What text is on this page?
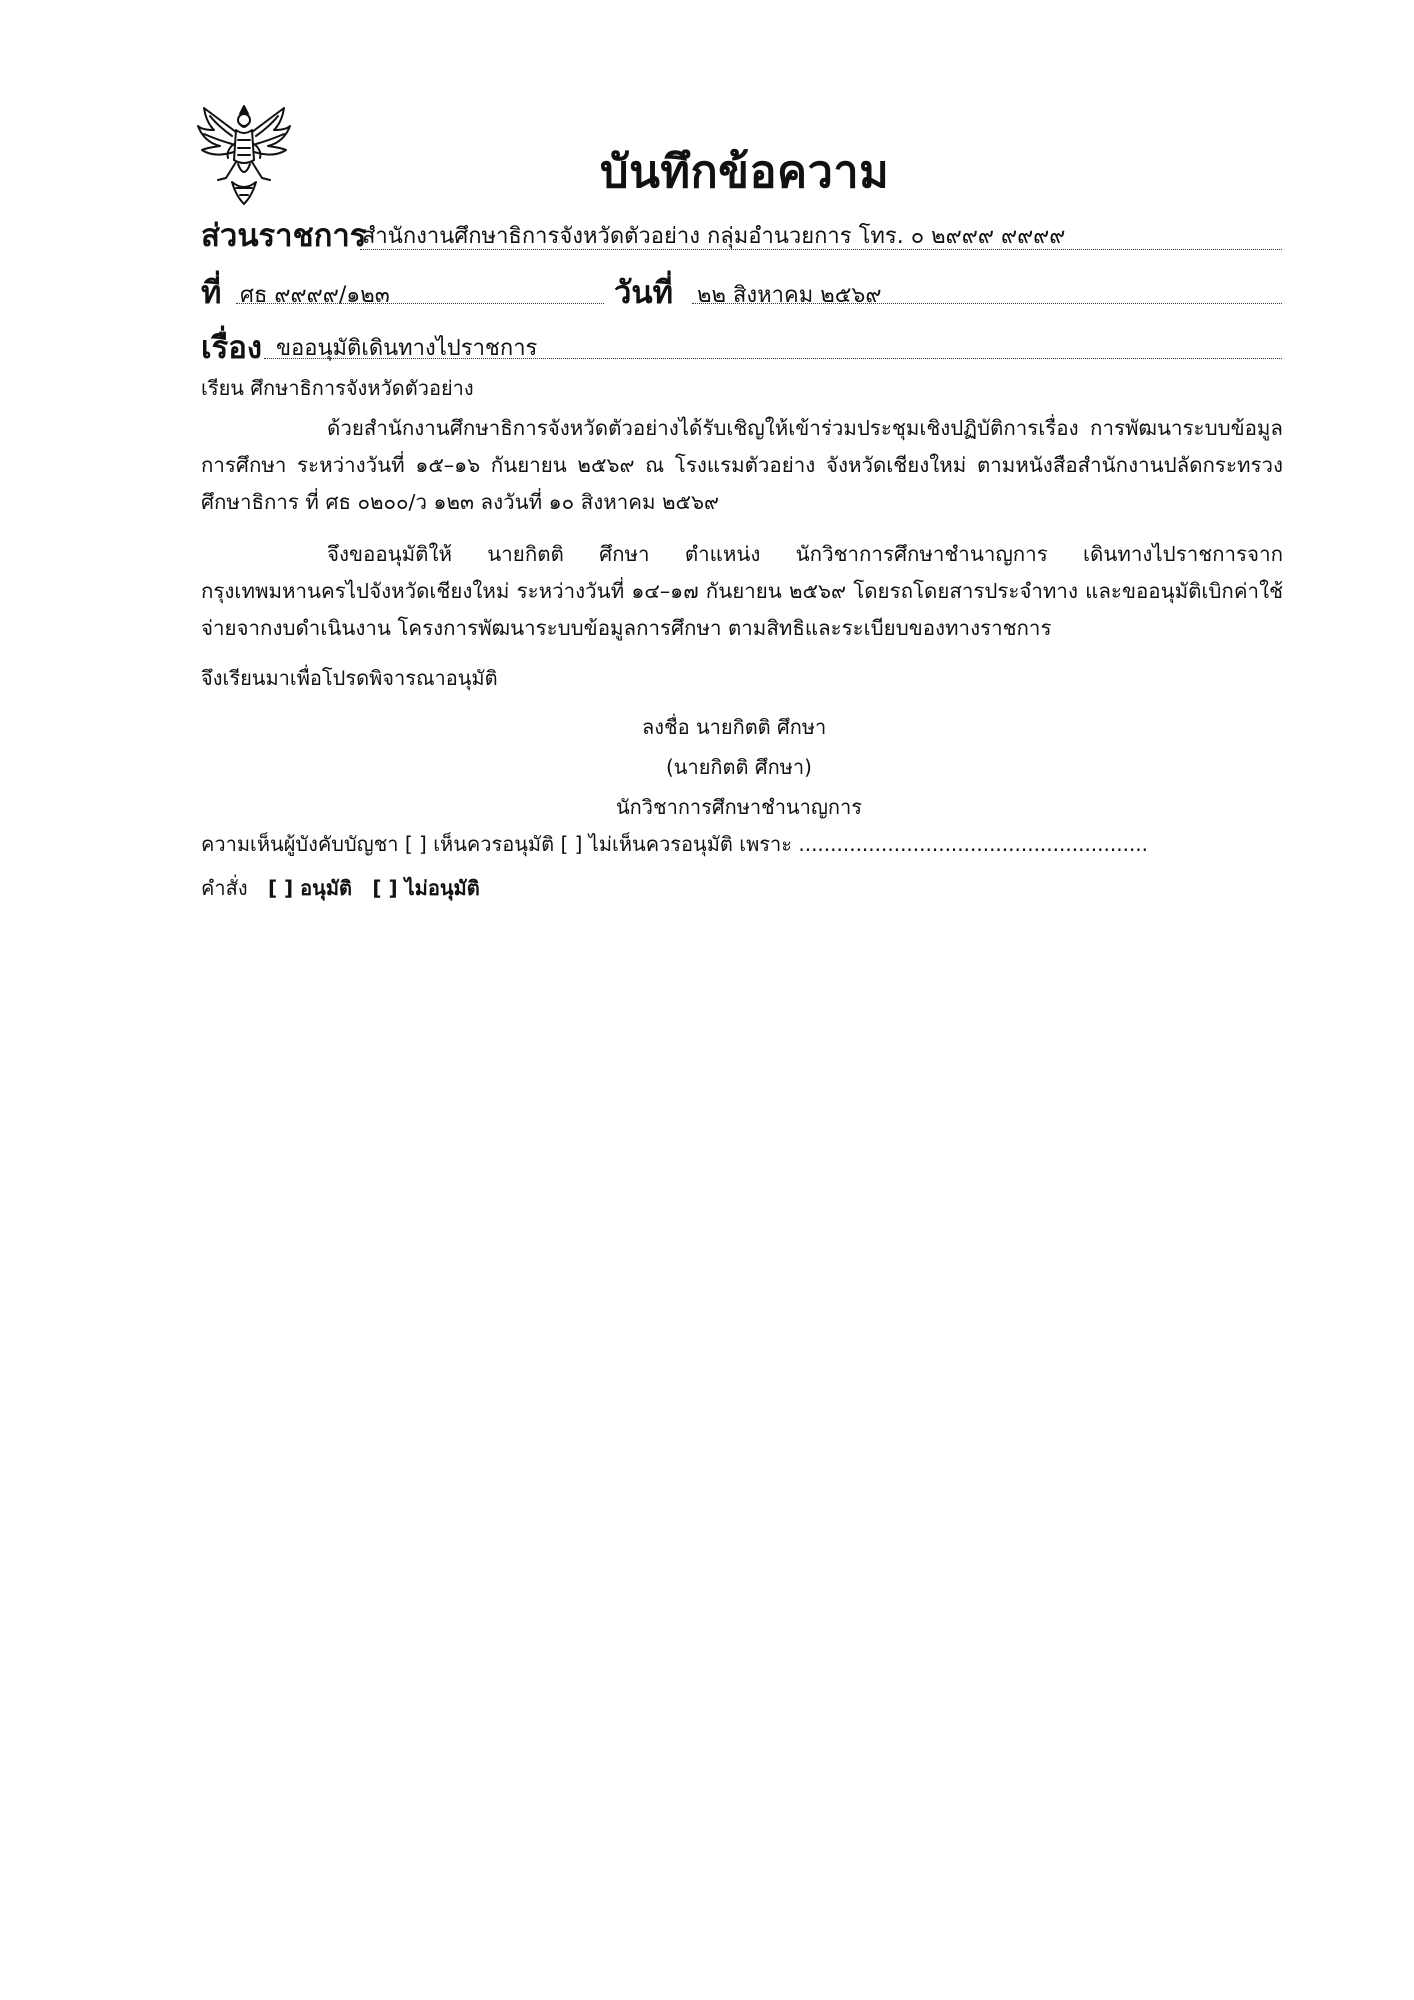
บันทึกข้อความ
ส่วนราชการ
สำนักงานศึกษาธิการจังหวัดตัวอย่าง กลุ่มอำนวยการ โทร. ๐ ๒๙๙๙ ๙๙๙๙
ที่ ศธ ๙๙๙๙/๑๒๓	วันที่ ๒๒ สิงหาคม ๒๕๖๙
เรื่อง ขออนุมัติเดินทางไปราชการ
เรียน ศึกษาธิการจังหวัดตัวอย่าง
ด้วยสำนักงานศึกษาธิการจังหวัดตัวอย่างได้รับเชิญให้เข้าร่วมประชุมเชิงปฏิบัติการเรื่อง การพัฒนาระบบข้อมูลการศึกษา ระหว่างวันที่ ๑๕–๑๖ กันยายน ๒๕๖๙ ณ โรงแรมตัวอย่าง จังหวัดเชียงใหม่ ตามหนังสือสำนักงานปลัดกระทรวงศึกษาธิการ ที่ ศธ ๐๒๐๐/ว ๑๒๓ ลงวันที่ ๑๐ สิงหาคม ๒๕๖๙
จึงขออนุมัติให้ นายกิตติ ศึกษา ตำแหน่ง นักวิชาการศึกษาชำนาญการ เดินทางไปราชการจากกรุงเทพมหานครไปจังหวัดเชียงใหม่ ระหว่างวันที่ ๑๔–๑๗ กันยายน ๒๕๖๙ โดยรถโดยสารประจำทาง และขออนุมัติเบิกค่าใช้จ่ายจากงบดำเนินงาน โครงการพัฒนาระบบข้อมูลการศึกษา ตามสิทธิและระเบียบของทางราชการ
จึงเรียนมาเพื่อโปรดพิจารณาอนุมัติ
ลงชื่อ นายกิตติ ศึกษา
(นายกิตติ ศึกษา)
นักวิชาการศึกษาชำนาญการ
ความเห็นผู้บังคับบัญชา [ ] เห็นควรอนุมัติ [ ] ไม่เห็นควรอนุมัติ เพราะ .......................................................
คำสั่ง [ ] อนุมัติ [ ] ไม่อนุมัติ
